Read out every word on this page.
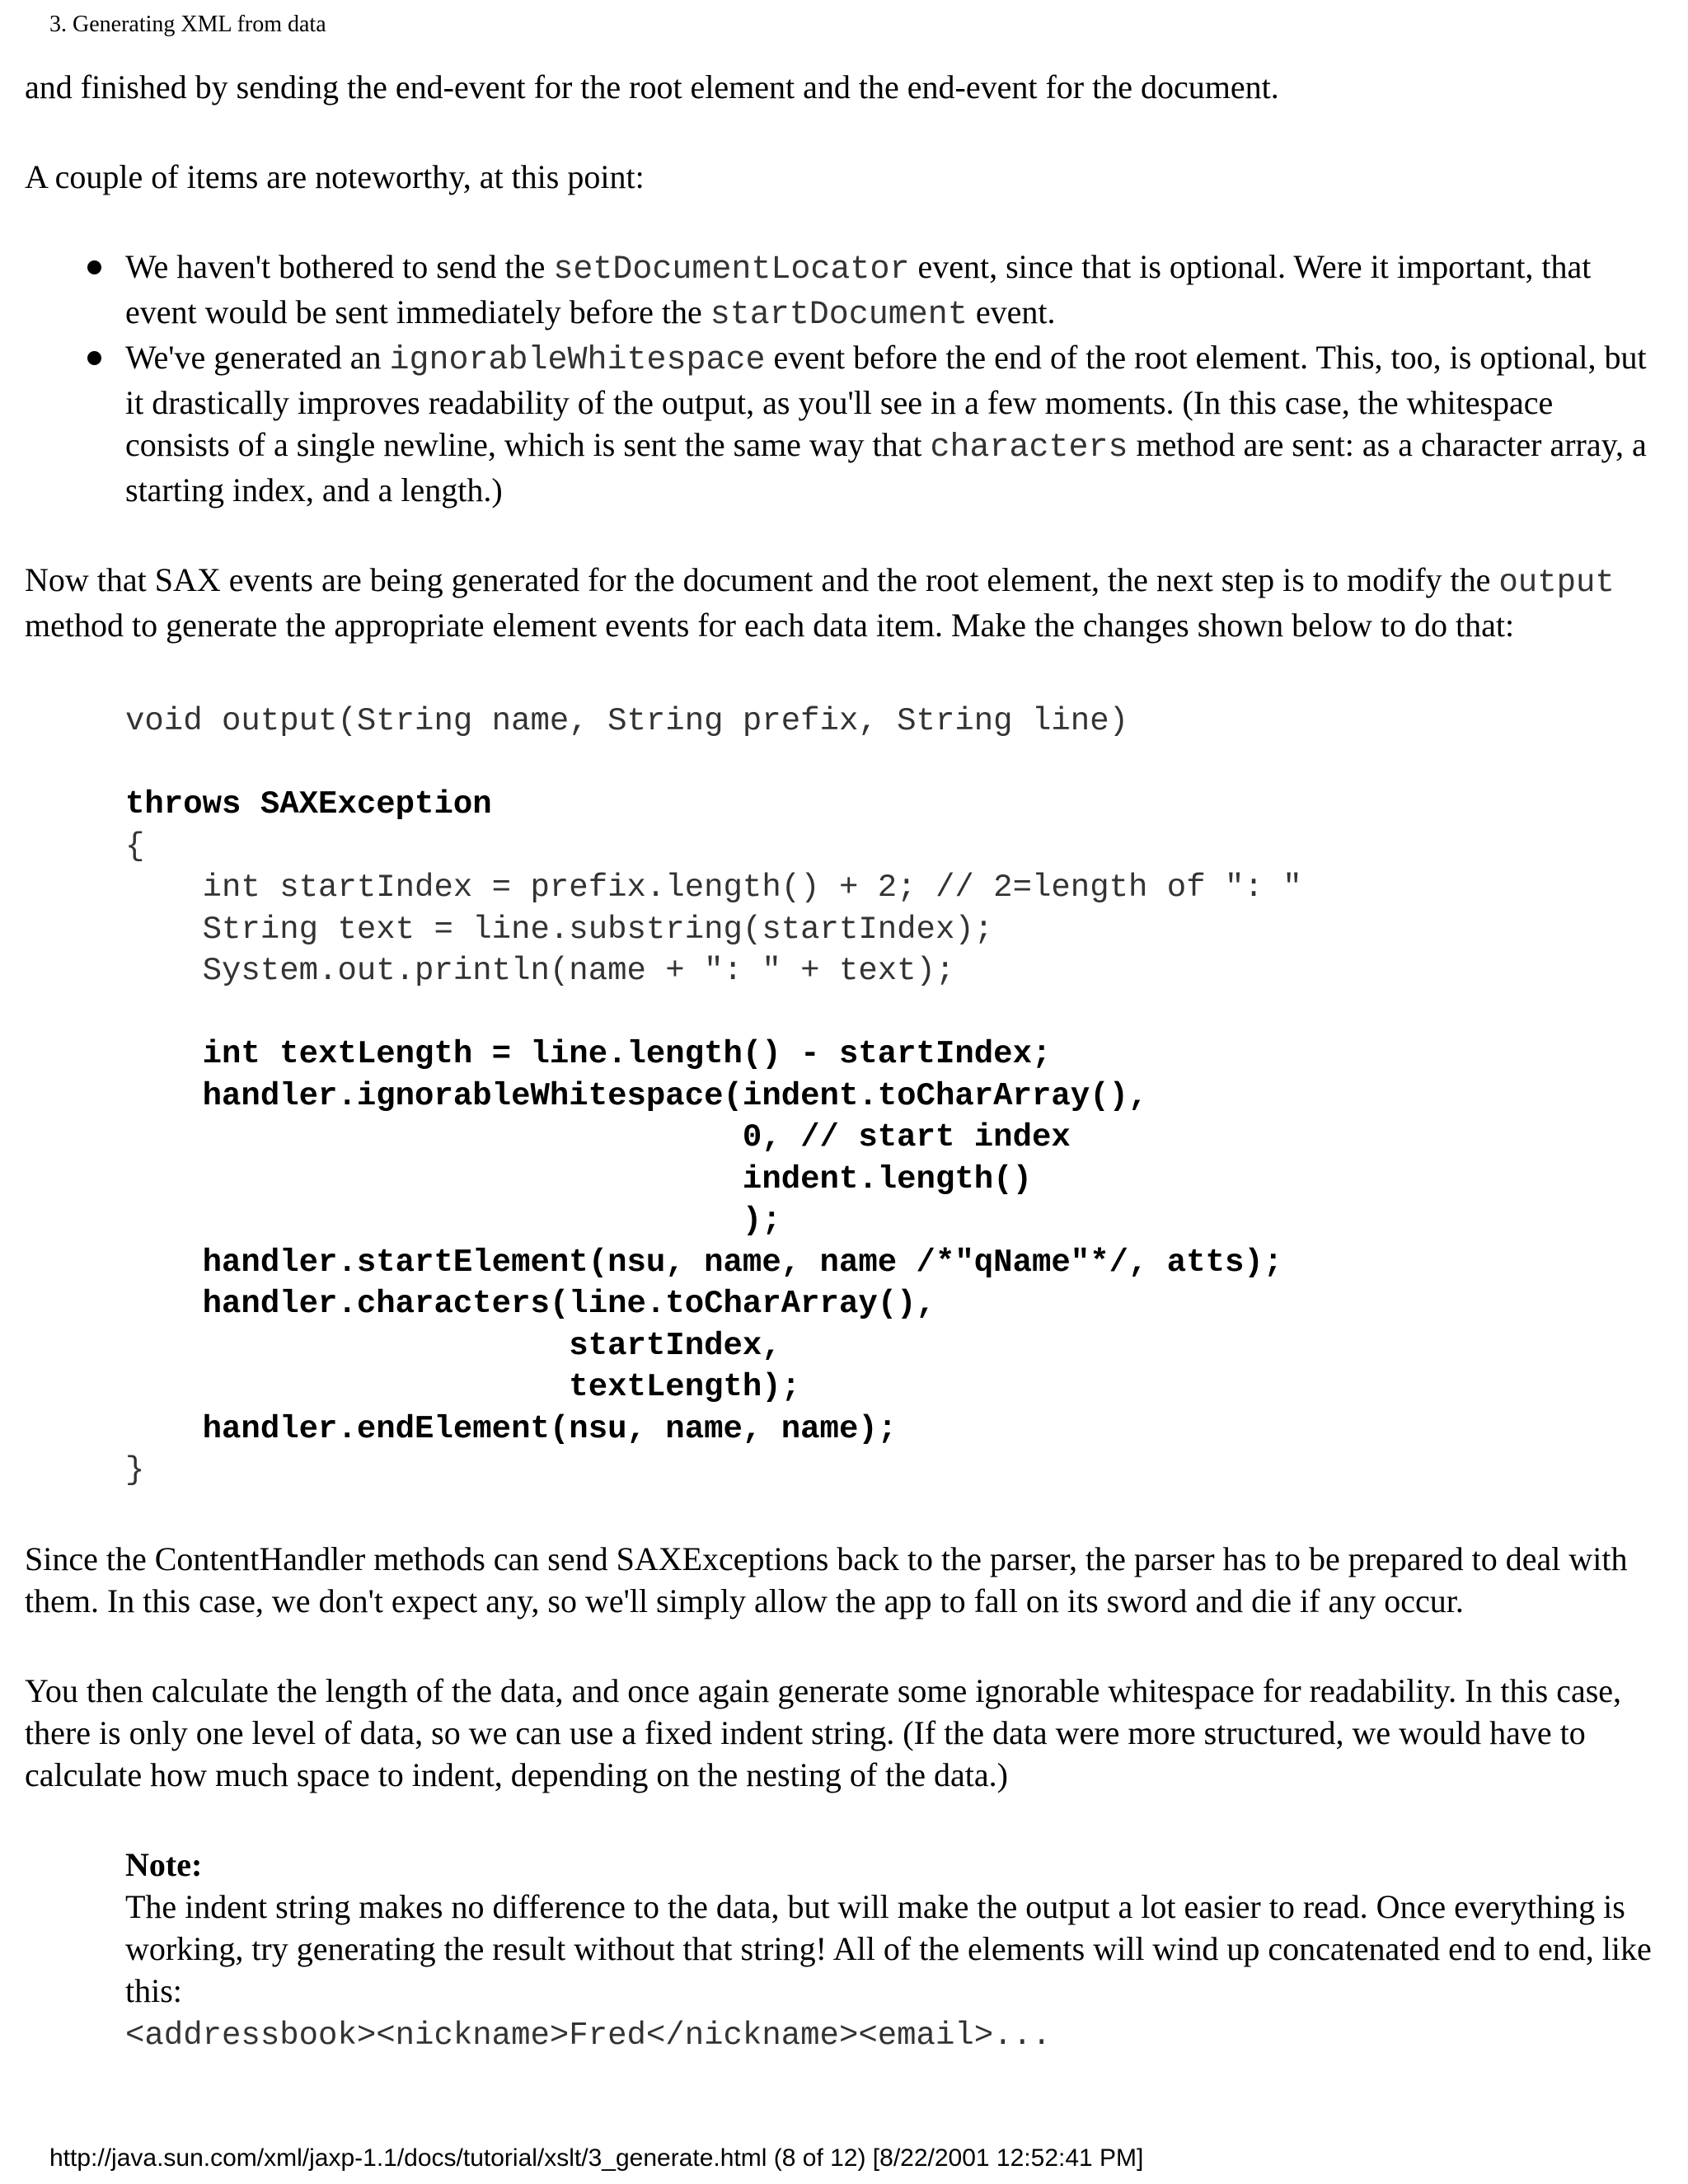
3. Generating XML from data

and finished by sending the end-event for the root element and the end-event for the document.

A couple of items are noteworthy, at this point:

We haven't bothered to send the setDocumentLocator event, since that is optional. Were it important, that event would be sent immediately before the startDocument event.
We've generated an ignorableWhitespace event before the end of the root element. This, too, is optional, but it drastically improves readability of the output, as you'll see in a few moments. (In this case, the whitespace consists of a single newline, which is sent the same way that characters method are sent: as a character array, a starting index, and a length.)

Now that SAX events are being generated for the document and the root element, the next step is to modify the output method to generate the appropriate element events for each data item. Make the changes shown below to do that:

void output(String name, String prefix, String line)

throws SAXException
{
int startIndex = prefix.length() + 2; // 2=length of ": "
String text = line.substring(startIndex);
System.out.println(name + ": " + text);

int textLength = line.length() - startIndex;
handler.ignorableWhitespace(indent.toCharArray(),
0, // start index
indent.length()
);
handler.startElement(nsu, name, name /*"qName"*/, atts);
handler.characters(line.toCharArray(),
startIndex,
textLength);
handler.endElement(nsu, name, name);
}

Since the ContentHandler methods can send SAXExceptions back to the parser, the parser has to be prepared to deal with them. In this case, we don't expect any, so we'll simply allow the app to fall on its sword and die if any occur.

You then calculate the length of the data, and once again generate some ignorable whitespace for readability. In this case, there is only one level of data, so we can use a fixed indent string. (If the data were more structured, we would have to calculate how much space to indent, depending on the nesting of the data.)

Note:
The indent string makes no difference to the data, but will make the output a lot easier to read. Once everything is working, try generating the result without that string! All of the elements will wind up concatenated end to end, like this:
<addressbook><nickname>Fred</nickname><email>...
http://java.sun.com/xml/jaxp-1.1/docs/tutorial/xslt/3_generate.html (8 of 12) [8/22/2001 12:52:41 PM]
